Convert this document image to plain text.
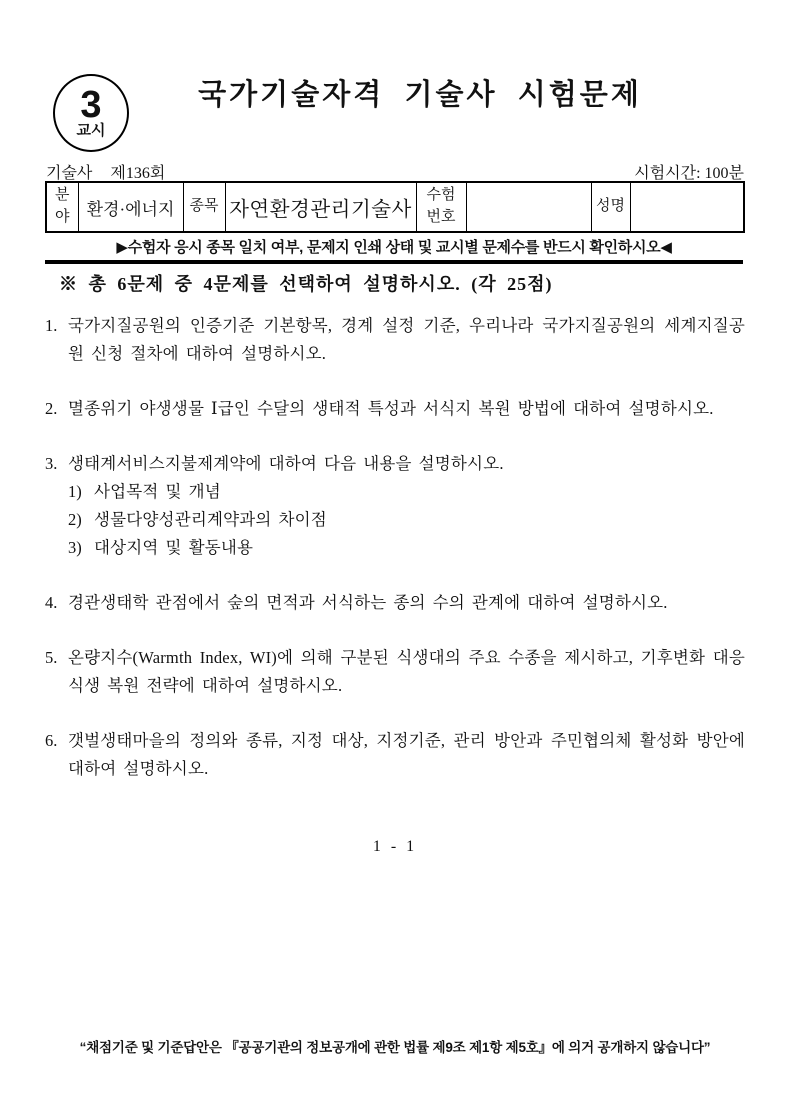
3
교시
국가기술자격 기술사 시험문제
기술사 제136회	시험시간: 100분
분야	환경·에너지	종목	자연환경관리기술사	수험번호		성명	
▶수험자 응시 종목 일치 여부, 문제지 인쇄 상태 및 교시별 문제수를 반드시 확인하시오◀
※ 총 6문제 중 4문제를 선택하여 설명하시오. (각 25점)
1. 국가지질공원의 인증기준 기본항목, 경계 설정 기준, 우리나라 국가지질공원의 세계지질공원 신청 절차에 대하여 설명하시오.
2. 멸종위기 야생생물 Ⅰ급인 수달의 생태적 특성과 서식지 복원 방법에 대하여 설명하시오.
3. 생태계서비스지불제계약에 대하여 다음 내용을 설명하시오.
1) 사업목적 및 개념
2) 생물다양성관리계약과의 차이점
3) 대상지역 및 활동내용
4. 경관생태학 관점에서 숲의 면적과 서식하는 종의 수의 관계에 대하여 설명하시오.
5. 온량지수(Warmth Index, WI)에 의해 구분된 식생대의 주요 수종을 제시하고, 기후변화 대응 식생 복원 전략에 대하여 설명하시오.
6. 갯벌생태마을의 정의와 종류, 지정 대상, 지정기준, 관리 방안과 주민협의체 활성화 방안에 대하여 설명하시오.
1 - 1
“채점기준 및 기준답안은 『공공기관의 정보공개에 관한 법률 제9조 제1항 제5호』에 의거 공개하지 않습니다”
